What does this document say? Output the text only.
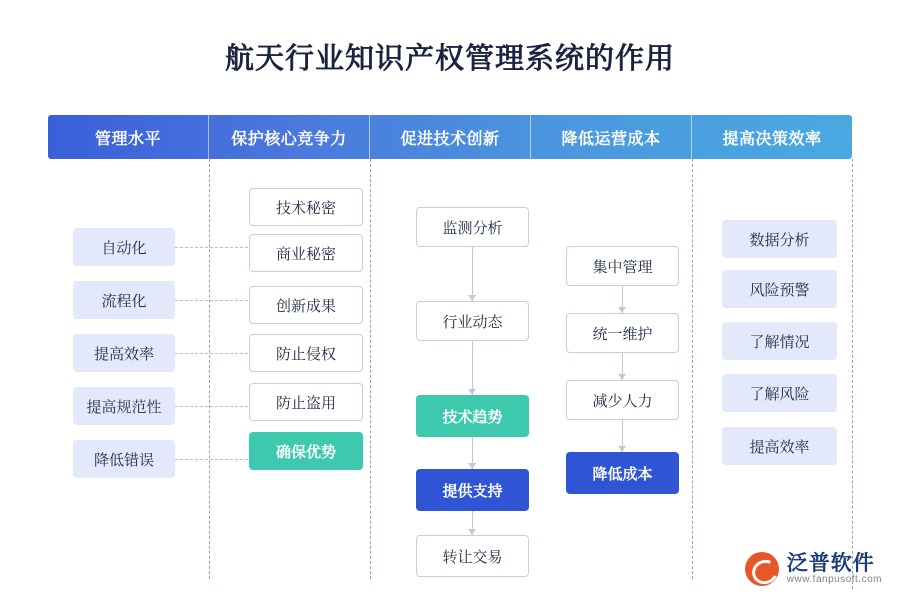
航天行业知识产权管理系统的作用
管理水平	保护核心竞争力	促进技术创新	降低运营成本	提高决策效率
自动化
流程化
提高效率
提高规范性
降低错误
技术秘密
商业秘密
创新成果
防止侵权
防止盗用
确保优势
监测分析
行业动态
技术趋势
提供支持
转让交易
集中管理
统一维护
减少人力
降低成本
数据分析
风险预警
了解情况
了解风险
提高效率
泛普软件
www.fanpusoft.com
